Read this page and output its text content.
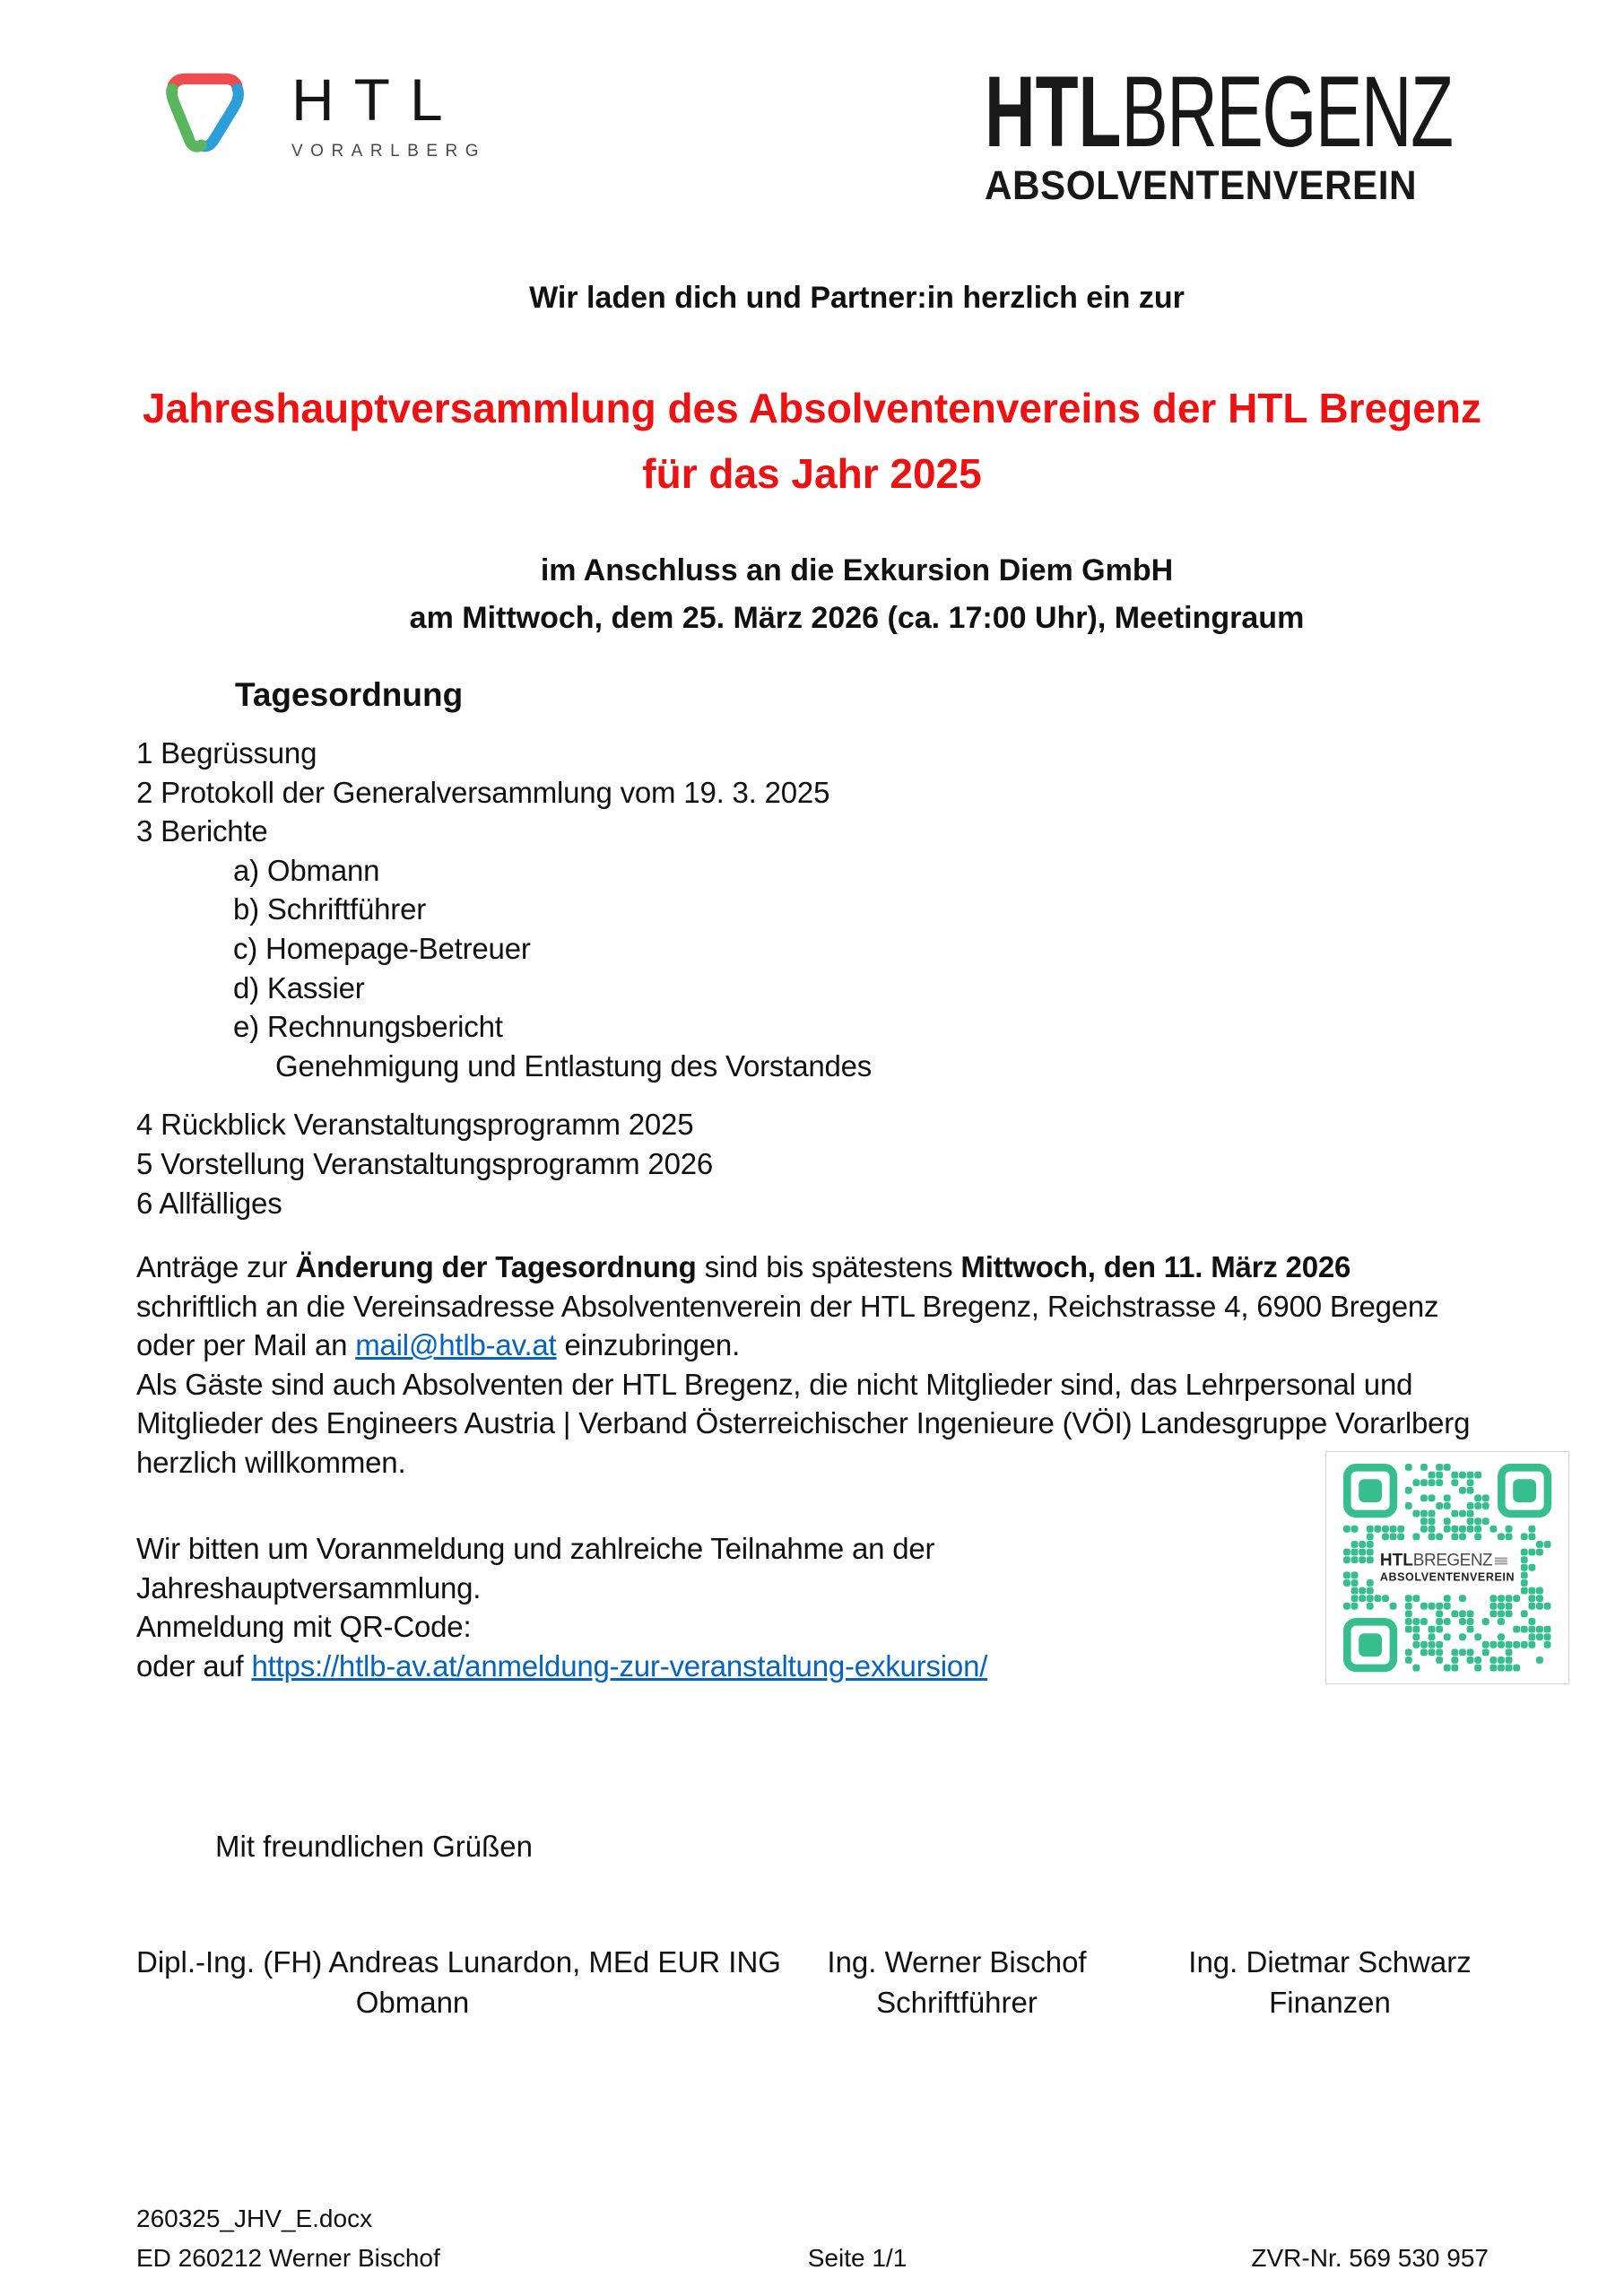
HTL
VORARLBERG	HTLBREGENZ
ABSOLVENTENVEREIN
Wir laden dich und Partner:in herzlich ein zur
Jahreshauptversammlung des Absolventenvereins der HTL Bregenz
für das Jahr 2025
im Anschluss an die Exkursion Diem GmbH
am Mittwoch, dem 25. März 2026 (ca. 17:00 Uhr), Meetingraum
Tagesordnung
1 Begrüssung
2 Protokoll der Generalversammlung vom 19. 3. 2025
3 Berichte
a) Obmann
b) Schriftführer
c) Homepage-Betreuer
d) Kassier
e) Rechnungsbericht
Genehmigung und Entlastung des Vorstandes
4 Rückblick Veranstaltungsprogramm 2025
5 Vorstellung Veranstaltungsprogramm 2026
6 Allfälliges
Anträge zur Änderung der Tagesordnung sind bis spätestens Mittwoch, den 11. März 2026
schriftlich an die Vereinsadresse Absolventenverein der HTL Bregenz, Reichstrasse 4, 6900 Bregenz
oder per Mail an mail@htlb-av.at einzubringen.
Als Gäste sind auch Absolventen der HTL Bregenz, die nicht Mitglieder sind, das Lehrpersonal und
Mitglieder des Engineers Austria | Verband Österreichischer Ingenieure (VÖI) Landesgruppe Vorarlberg
herzlich willkommen.
Wir bitten um Voranmeldung und zahlreiche Teilnahme an der
Jahreshauptversammlung.
Anmeldung mit QR-Code:
oder auf https://htlb-av.at/anmeldung-zur-veranstaltung-exkursion/
HTL BREGENZ
ABSOLVENTENVEREIN
Mit freundlichen Grüßen
Dipl.-Ing. (FH) Andreas Lunardon, MEd EUR ING
Obmann
Ing. Werner Bischof
Schriftführer
Ing. Dietmar Schwarz
Finanzen
260325_JHV_E.docx
ED 260212 Werner Bischof	Seite 1/1	ZVR-Nr. 569 530 957
